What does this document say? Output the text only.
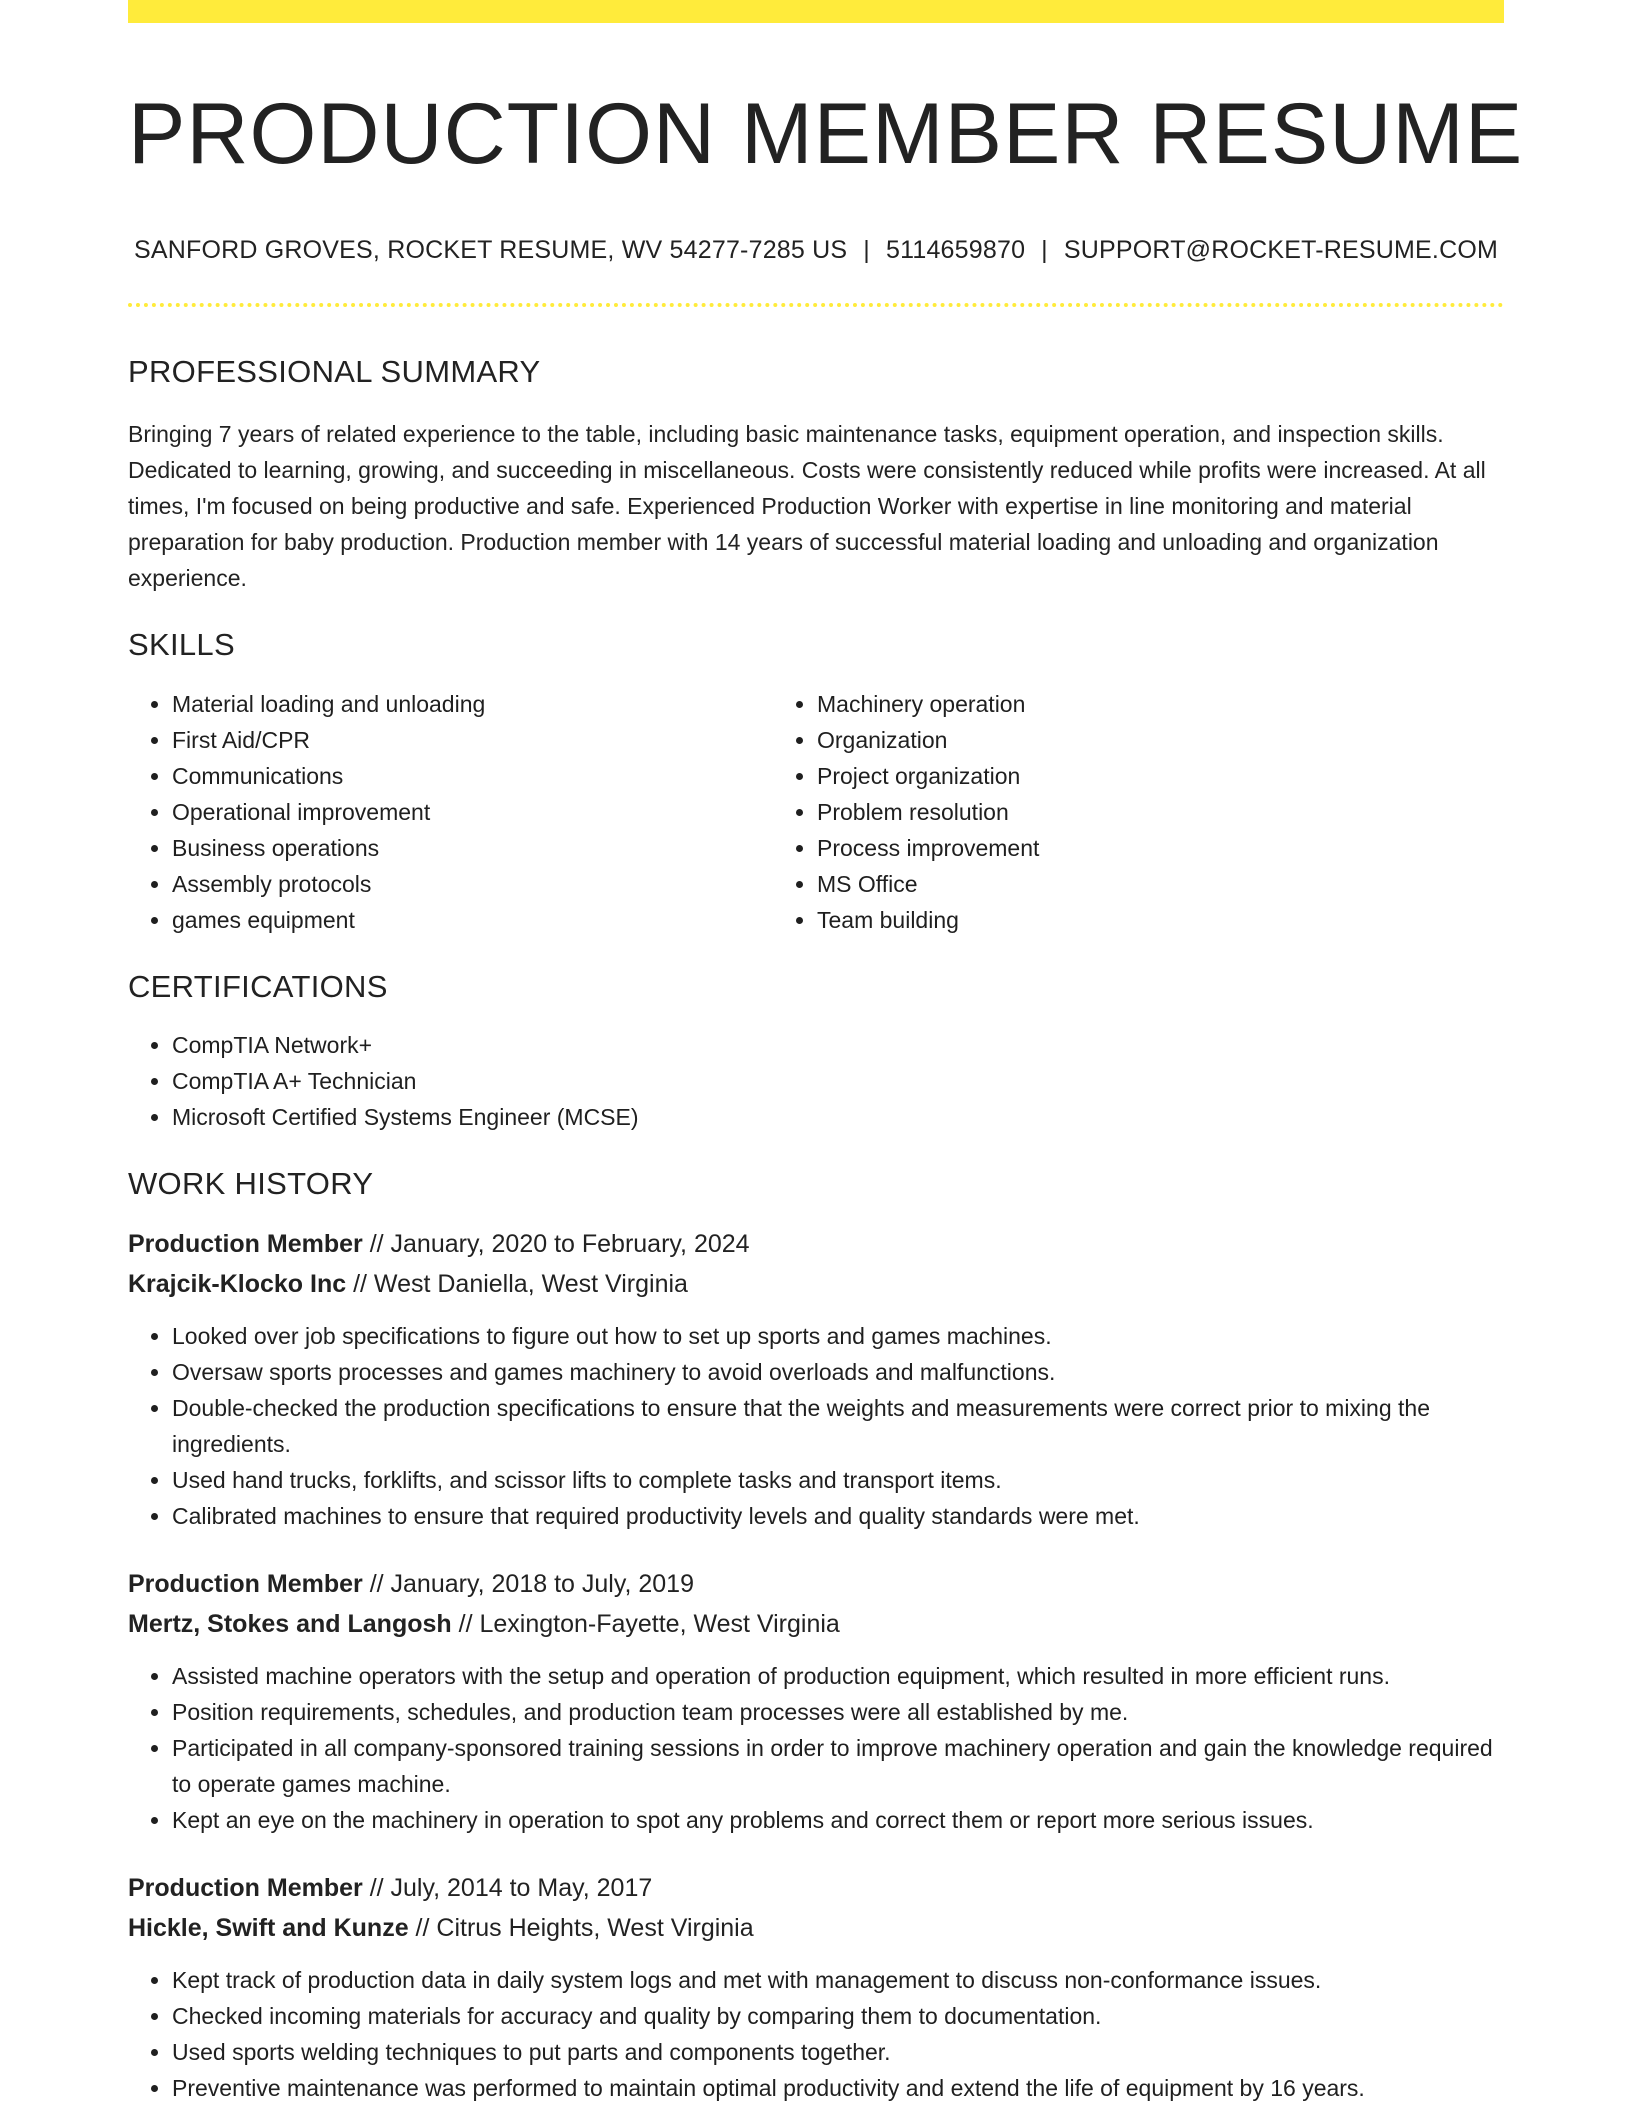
PRODUCTION MEMBER RESUME
SANFORD GROVES, ROCKET RESUME, WV 54277-7285 US | 5114659870 | SUPPORT@ROCKET-RESUME.COM
PROFESSIONAL SUMMARY
Bringing 7 years of related experience to the table, including basic maintenance tasks, equipment operation, and inspection skills. Dedicated to learning, growing, and succeeding in miscellaneous. Costs were consistently reduced while profits were increased. At all times, I'm focused on being productive and safe. Experienced Production Worker with expertise in line monitoring and material preparation for baby production. Production member with 14 years of successful material loading and unloading and organization experience.
SKILLS
• Material loading and unloading
• First Aid/CPR
• Communications
• Operational improvement
• Business operations
• Assembly protocols
• games equipment
• Machinery operation
• Organization
• Project organization
• Problem resolution
• Process improvement
• MS Office
• Team building
CERTIFICATIONS
• CompTIA Network+
• CompTIA A+ Technician
• Microsoft Certified Systems Engineer (MCSE)
WORK HISTORY
Production Member // January, 2020 to February, 2024
Krajcik-Klocko Inc // West Daniella, West Virginia
• Looked over job specifications to figure out how to set up sports and games machines.
• Oversaw sports processes and games machinery to avoid overloads and malfunctions.
• Double-checked the production specifications to ensure that the weights and measurements were correct prior to mixing the ingredients.
• Used hand trucks, forklifts, and scissor lifts to complete tasks and transport items.
• Calibrated machines to ensure that required productivity levels and quality standards were met.
Production Member // January, 2018 to July, 2019
Mertz, Stokes and Langosh // Lexington-Fayette, West Virginia
• Assisted machine operators with the setup and operation of production equipment, which resulted in more efficient runs.
• Position requirements, schedules, and production team processes were all established by me.
• Participated in all company-sponsored training sessions in order to improve machinery operation and gain the knowledge required to operate games machine.
• Kept an eye on the machinery in operation to spot any problems and correct them or report more serious issues.
Production Member // July, 2014 to May, 2017
Hickle, Swift and Kunze // Citrus Heights, West Virginia
• Kept track of production data in daily system logs and met with management to discuss non-conformance issues.
• Checked incoming materials for accuracy and quality by comparing them to documentation.
• Used sports welding techniques to put parts and components together.
• Preventive maintenance was performed to maintain optimal productivity and extend the life of equipment by 16 years.
